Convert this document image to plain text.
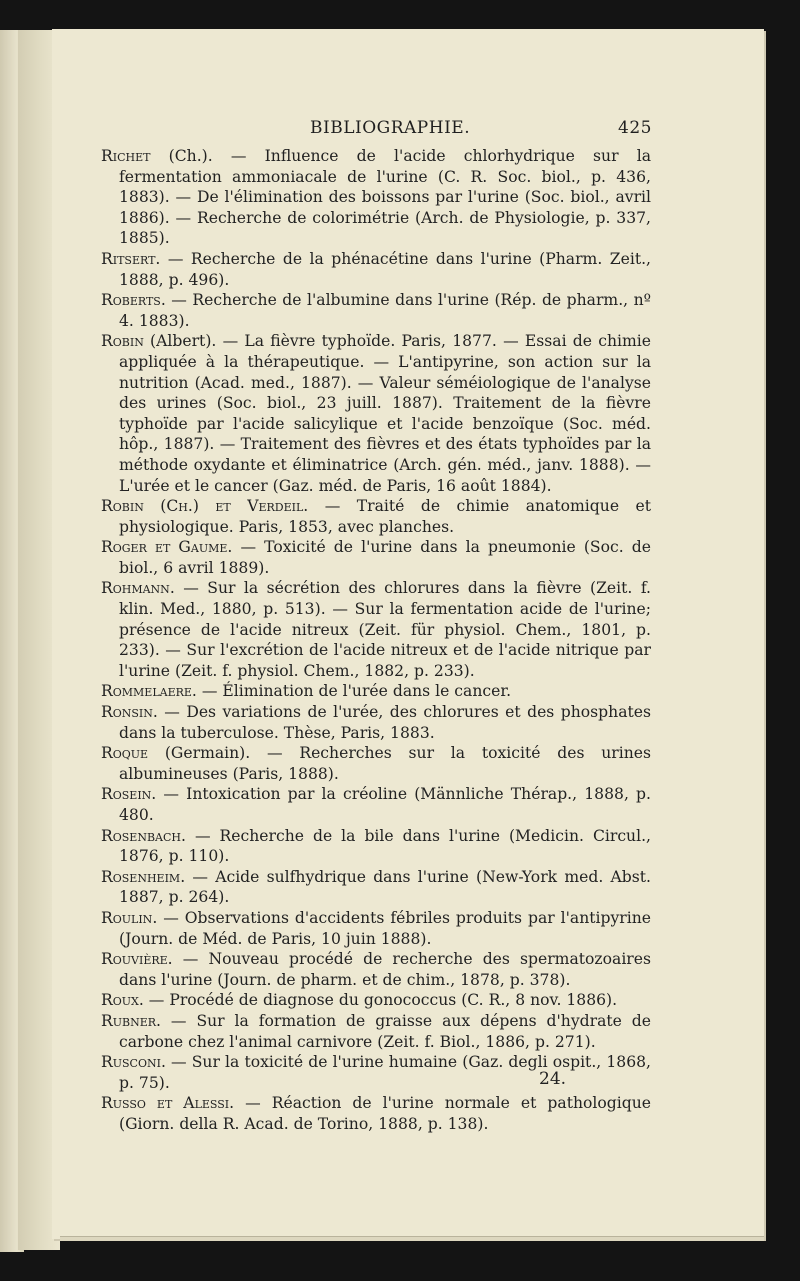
BIBLIOGRAPHIE.	425
Richet (Ch.). — Influence de l'acide chlorhydrique sur la fermentation ammoniacale de l'urine (C. R. Soc. biol., p. 436, 1883). — De l'élimination des boissons par l'urine (Soc. biol., avril 1886). — Recherche de colorimétrie (Arch. de Physiologie, p. 337, 1885).
Ritsert. — Recherche de la phénacétine dans l'urine (Pharm. Zeit., 1888, p. 496).
Roberts. — Recherche de l'albumine dans l'urine (Rép. de pharm., nº 4. 1883).
Robin (Albert). — La fièvre typhoïde. Paris, 1877. — Essai de chimie appliquée à la thérapeutique. — L'antipyrine, son action sur la nutrition (Acad. med., 1887). — Valeur séméiologique de l'analyse des urines (Soc. biol., 23 juill. 1887). Traitement de la fièvre typhoïde par l'acide salicylique et l'acide benzoïque (Soc. méd. hôp., 1887). — Traitement des fièvres et des états typhoïdes par la méthode oxydante et éliminatrice (Arch. gén. méd., janv. 1888). — L'urée et le cancer (Gaz. méd. de Paris, 16 août 1884).
Robin (Ch.) et Verdeil. — Traité de chimie anatomique et physiologique. Paris, 1853, avec planches.
Roger et Gaume. — Toxicité de l'urine dans la pneumonie (Soc. de biol., 6 avril 1889).
Rohmann. — Sur la sécrétion des chlorures dans la fièvre (Zeit. f. klin. Med., 1880, p. 513). — Sur la fermentation acide de l'urine; présence de l'acide nitreux (Zeit. für physiol. Chem., 1801, p. 233). — Sur l'excrétion de l'acide nitreux et de l'acide nitrique par l'urine (Zeit. f. physiol. Chem., 1882, p. 233).
Rommelaere. — Élimination de l'urée dans le cancer.
Ronsin. — Des variations de l'urée, des chlorures et des phosphates dans la tuberculose. Thèse, Paris, 1883.
Roque (Germain). — Recherches sur la toxicité des urines albumineuses (Paris, 1888).
Rosein. — Intoxication par la créoline (Männliche Thérap., 1888, p. 480.
Rosenbach. — Recherche de la bile dans l'urine (Medicin. Circul., 1876, p. 110).
Rosenheim. — Acide sulfhydrique dans l'urine (New-York med. Abst. 1887, p. 264).
Roulin. — Observations d'accidents fébriles produits par l'antipyrine (Journ. de Méd. de Paris, 10 juin 1888).
Rouvière. — Nouveau procédé de recherche des spermatozoaires dans l'urine (Journ. de pharm. et de chim., 1878, p. 378).
Roux. — Procédé de diagnose du gonococcus (C. R., 8 nov. 1886).
Rubner. — Sur la formation de graisse aux dépens d'hydrate de carbone chez l'animal carnivore (Zeit. f. Biol., 1886, p. 271).
Rusconi. — Sur la toxicité de l'urine humaine (Gaz. degli ospit., 1868, p. 75).
Russo et Alessi. — Réaction de l'urine normale et pathologique (Giorn. della R. Acad. de Torino, 1888, p. 138).
24.
